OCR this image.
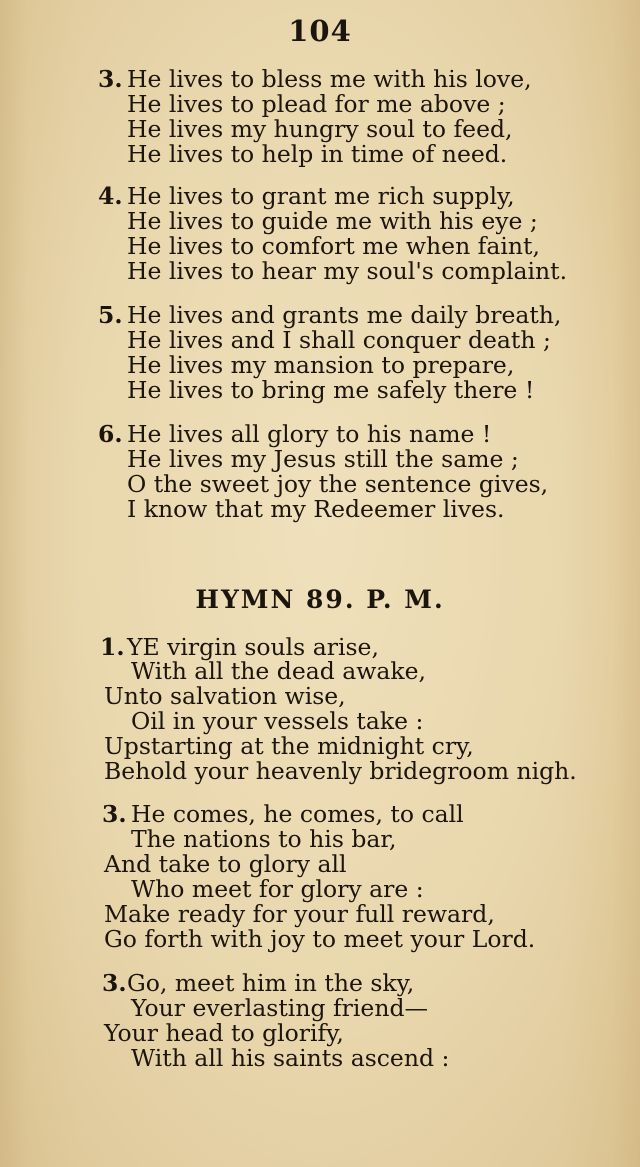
104
3. He lives to bless me with his love,
He lives to plead for me above ;
He lives my hungry soul to feed,
He lives to help in time of need.
4. He lives to grant me rich supply,
He lives to guide me with his eye ;
He lives to comfort me when faint,
He lives to hear my soul's complaint.
5. He lives and grants me daily breath,
He lives and I shall conquer death ;
He lives my mansion to prepare,
He lives to bring me safely there !
6. He lives all glory to his name !
He lives my Jesus still the same ;
O the sweet joy the sentence gives,
I know that my Redeemer lives.
HYMN 89. P. M.
1. YE virgin souls arise,
With all the dead awake,
Unto salvation wise,
Oil in your vessels take :
Upstarting at the midnight cry,
Behold your heavenly bridegroom nigh.
3. He comes, he comes, to call
The nations to his bar,
And take to glory all
Who meet for glory are :
Make ready for your full reward,
Go forth with joy to meet your Lord.
3. Go, meet him in the sky,
Your everlasting friend—
Your head to glorify,
With all his saints ascend :
